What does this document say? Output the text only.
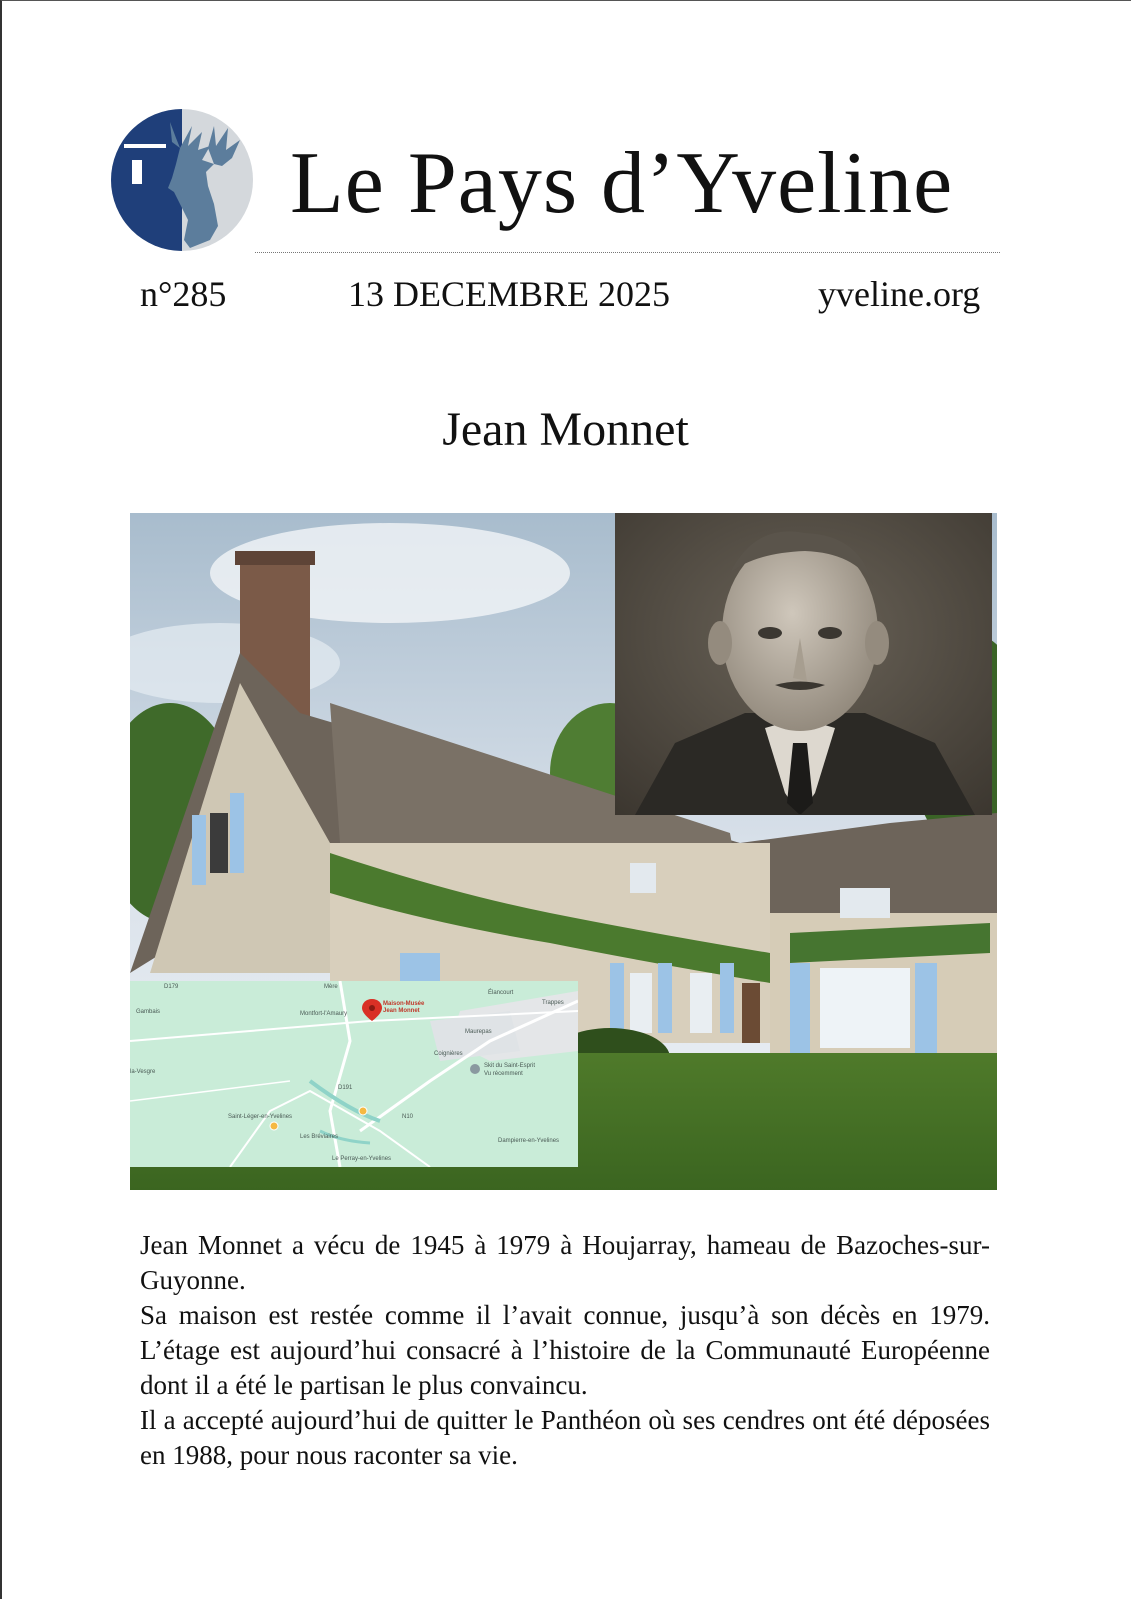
Le Pays d’Yveline
n°285	13 DECEMBRE 2025	yveline.org
Jean Monnet
D179	Mère
Élancourt
Trappes
Gambais	Montfort-l'Amaury
Maison-Musée Jean Monnet
Maurepas
Coignières
Skit du Saint-Esprit
Vu récemment
la-Vesgre
D191
Saint-Léger-en-Yvelines
Les Bréviaires
N10
Dampierre-en-Yvelines
Le Perray-en-Yvelines

Jean Monnet a vécu de 1945 à 1979 à Houjarray, hameau de Bazoches-sur-Guyonne.

Sa maison est restée comme il l’avait connue, jusqu’à son décès en 1979. L’étage est aujourd’hui consacré à l’histoire de la Communauté Européenne dont il a été le partisan le plus convaincu.

Il a accepté aujourd’hui de quitter le Panthéon où ses cendres ont été déposées en 1988, pour nous raconter sa vie.
